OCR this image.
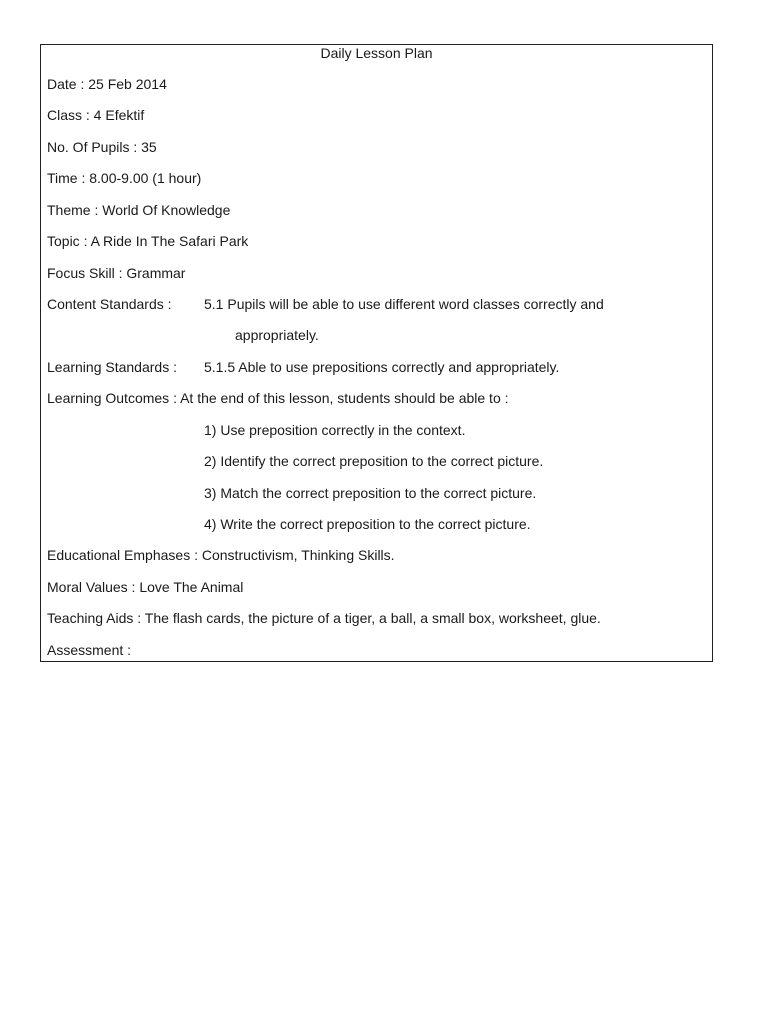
Daily Lesson Plan
Date : 25 Feb 2014
Class : 4 Efektif
No. Of Pupils : 35
Time : 8.00-9.00 (1 hour)
Theme : World Of Knowledge
Topic : A Ride In The Safari Park
Focus Skill : Grammar
Content Standards : 5.1 Pupils will be able to use different word classes correctly and
appropriately.
Learning Standards : 5.1.5 Able to use prepositions correctly and appropriately.
Learning Outcomes : At the end of this lesson, students should be able to :
1) Use preposition correctly in the context.
2) Identify the correct preposition to the correct picture.
3) Match the correct preposition to the correct picture.
4) Write the correct preposition to the correct picture.
Educational Emphases : Constructivism, Thinking Skills.
Moral Values : Love The Animal
Teaching Aids : The flash cards, the picture of a tiger, a ball, a small box, worksheet, glue.
Assessment :
